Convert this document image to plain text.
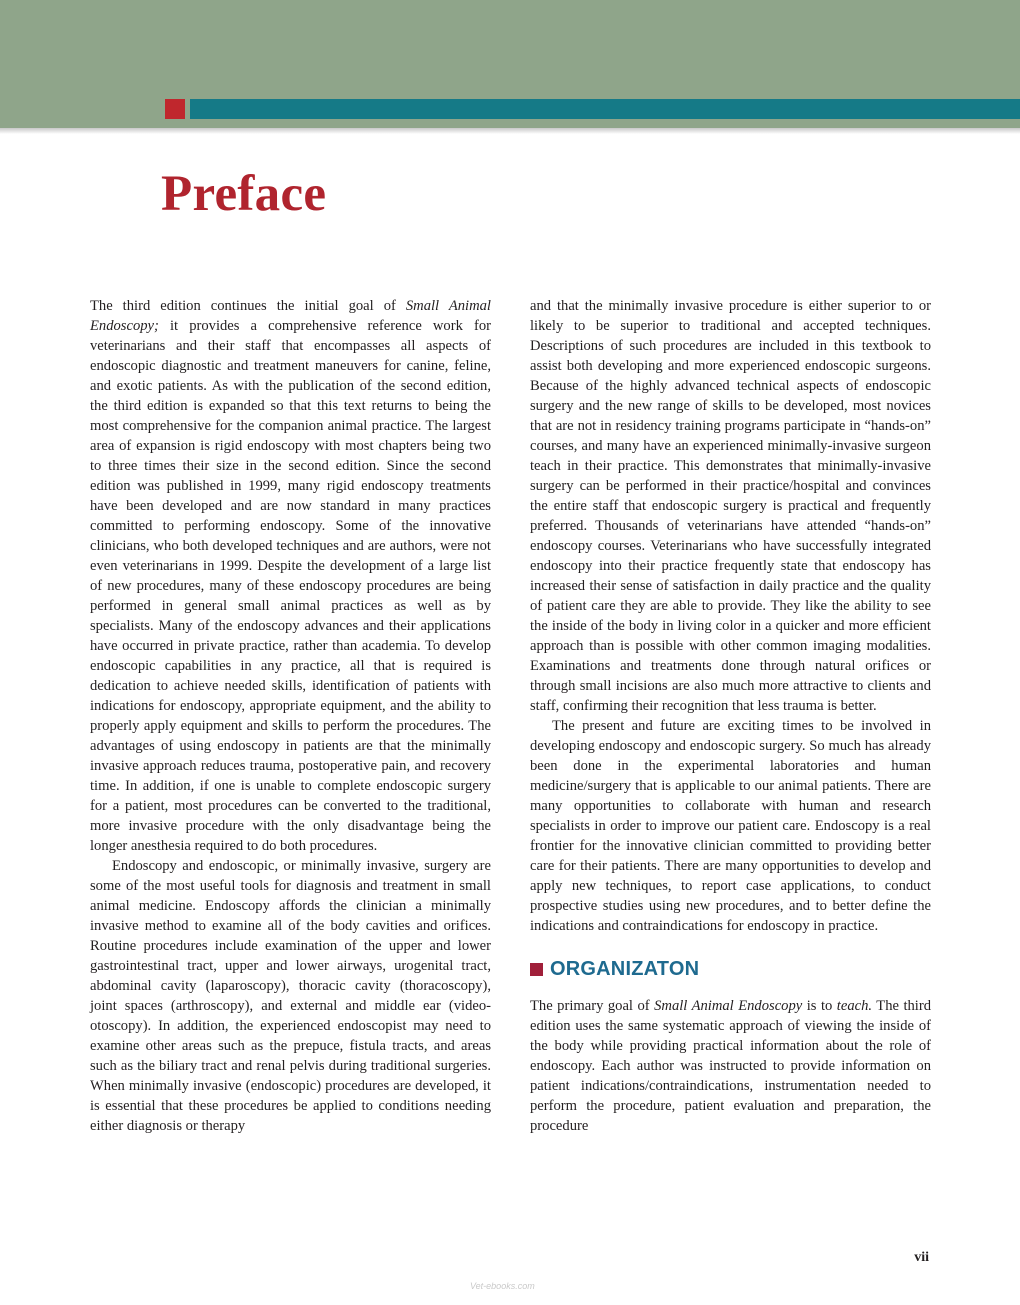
Preface

The third edition continues the initial goal of Small Animal Endoscopy; it provides a comprehensive reference work for veterinarians and their staff that encompasses all aspects of endoscopic diagnostic and treatment maneuvers for canine, feline, and exotic patients. As with the publication of the second edition, the third edition is expanded so that this text returns to being the most comprehensive for the companion animal practice. The largest area of expansion is rigid endoscopy with most chapters being two to three times their size in the second edition. Since the second edition was published in 1999, many rigid endoscopy treatments have been developed and are now standard in many practices committed to performing endoscopy. Some of the innovative clinicians, who both developed techniques and are authors, were not even veterinarians in 1999. Despite the development of a large list of new procedures, many of these endoscopy procedures are being performed in general small animal practices as well as by specialists. Many of the endoscopy advances and their applications have occurred in private practice, rather than academia. To develop endoscopic capabilities in any practice, all that is required is dedication to achieve needed skills, identification of patients with indications for endoscopy, appropriate equipment, and the ability to properly apply equipment and skills to perform the procedures. The advantages of using endoscopy in patients are that the minimally invasive approach reduces trauma, postoperative pain, and recovery time. In addition, if one is unable to complete endoscopic surgery for a patient, most procedures can be converted to the traditional, more invasive procedure with the only disadvantage being the longer anesthesia required to do both procedures.

Endoscopy and endoscopic, or minimally invasive, surgery are some of the most useful tools for diagnosis and treatment in small animal medicine. Endoscopy affords the clinician a minimally invasive method to examine all of the body cavities and orifices. Routine procedures include examination of the upper and lower gastrointestinal tract, upper and lower airways, urogenital tract, abdominal cavity (laparoscopy), thoracic cavity (thoracoscopy), joint spaces (arthroscopy), and external and middle ear (video-otoscopy). In addition, the experienced endoscopist may need to examine other areas such as the prepuce, fistula tracts, and areas such as the biliary tract and renal pelvis during traditional surgeries. When minimally invasive (endoscopic) procedures are developed, it is essential that these procedures be applied to conditions needing either diagnosis or therapy

and that the minimally invasive procedure is either superior to or likely to be superior to traditional and accepted techniques. Descriptions of such procedures are included in this textbook to assist both developing and more experienced endoscopic surgeons. Because of the highly advanced technical aspects of endoscopic surgery and the new range of skills to be developed, most novices that are not in residency training programs participate in “hands-on” courses, and many have an experienced minimally-invasive surgeon teach in their practice. This demonstrates that minimally-invasive surgery can be performed in their practice/hospital and convinces the entire staff that endoscopic surgery is practical and frequently preferred. Thousands of veterinarians have attended “hands-on” endoscopy courses. Veterinarians who have successfully integrated endoscopy into their practice frequently state that endoscopy has increased their sense of satisfaction in daily practice and the quality of patient care they are able to provide. They like the ability to see the inside of the body in living color in a quicker and more efficient approach than is possible with other common imaging modalities. Examinations and treatments done through natural orifices or through small incisions are also much more attractive to clients and staff, confirming their recognition that less trauma is better.

The present and future are exciting times to be involved in developing endoscopy and endoscopic surgery. So much has already been done in the experimental laboratories and human medicine/surgery that is applicable to our animal patients. There are many opportunities to collaborate with human and research specialists in order to improve our patient care. Endoscopy is a real frontier for the innovative clinician committed to providing better care for their patients. There are many opportunities to develop and apply new techniques, to report case applications, to conduct prospective studies using new procedures, and to better define the indications and contraindications for endoscopy in practice.

ORGANIZATON

The primary goal of Small Animal Endoscopy is to teach. The third edition uses the same systematic approach of viewing the inside of the body while providing practical information about the role of endoscopy. Each author was instructed to provide information on patient indications/contraindications, instrumentation needed to perform the procedure, patient evaluation and preparation, the procedure

vii
Vet-ebooks.com
